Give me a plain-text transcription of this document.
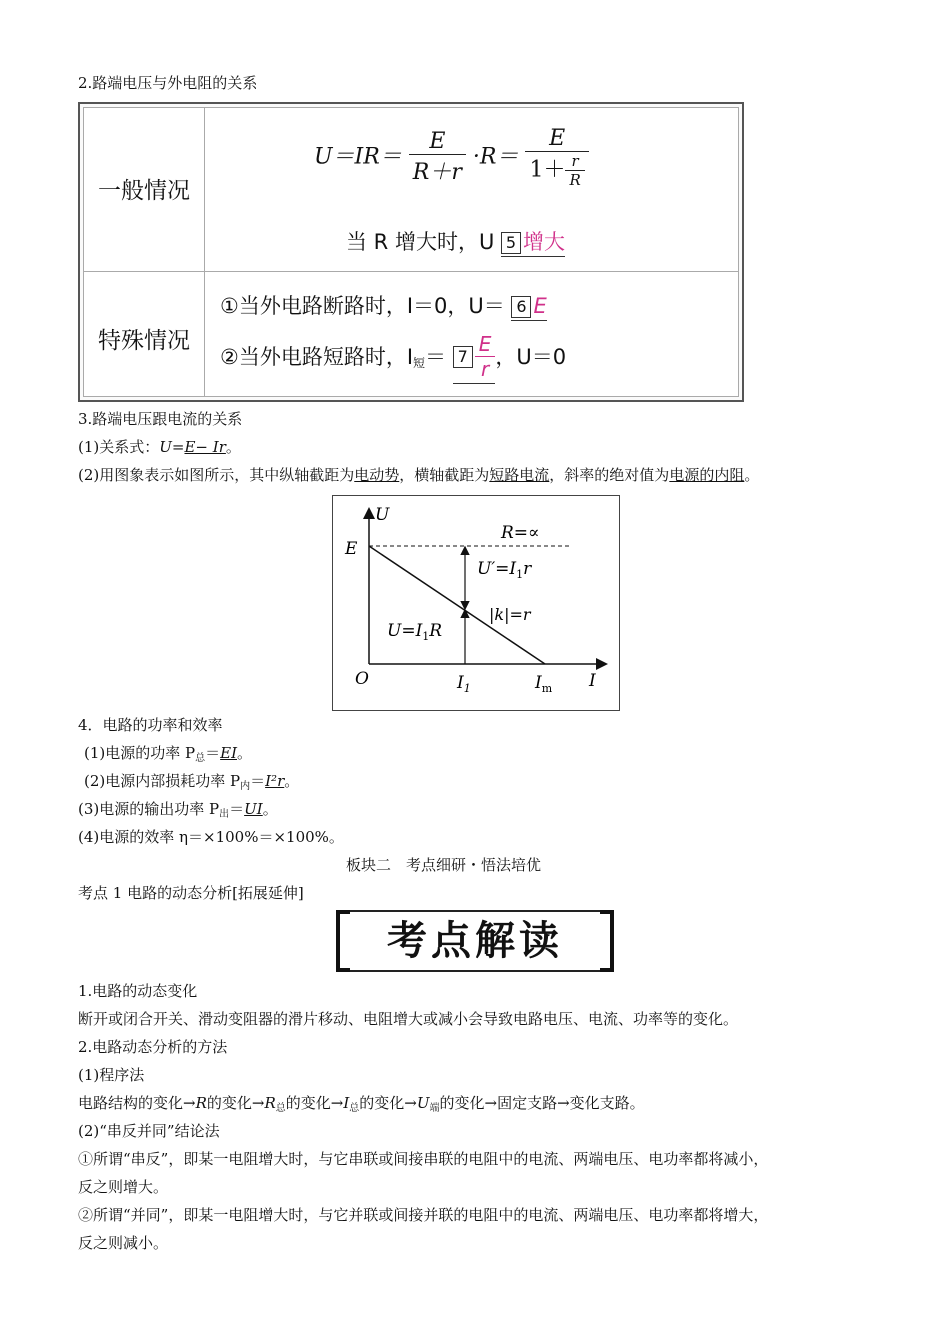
2.路端电压与外电阻的关系
一般情况
特殊情况
$U=IR= \frac{E}{R+r} \cdot R= \frac{E}{1+ \frac{r}{R}}$
当 R 增大时，U 5 增大
①当外电路断路时，I＝0，U＝ 6 E
②当外电路短路时，$I_短= 7 \frac{E}{r}$ ，U＝0
3.路端电压跟电流的关系
(1)关系式：U=E− Ir。
(2)用图象表示如图所示，其中纵轴截距为电动势，横轴截距为短路电流，斜率的绝对值为电源的内阻。
U
E
O	I
$I_1$	$I_m$
R=∝
$U'=I_1r$
|k|=r
$U=I_1R$
4．电路的功率和效率
(1)电源的功率 $P_总=EI$。
(2)电源内部损耗功率 $P_内=I^2r$。
(3)电源的输出功率 $P_出=UI$。
(4)电源的效率 η＝×100%＝×100%。
板块二　考点细研・悟法培优
考点 1 电路的动态分析[拓展延伸]
考点解读
1.电路的动态变化
断开或闭合开关、滑动变阻器的滑片移动、电阻增大或减小会导致电路电压、电流、功率等的变化。
2.电路动态分析的方法
(1)程序法
电路结构的变化→R的变化$\to R_总$的变化$\to I_总$的变化$\to U_端$的变化→固定支路→变化支路。
(2)“串反并同”结论法
①所谓“串反”，即某一电阻增大时，与它串联或间接串联的电阻中的电流、两端电压、电功率都将减小，
反之则增大。
②所谓“并同”，即某一电阻增大时，与它并联或间接并联的电阻中的电流、两端电压、电功率都将增大，
反之则减小。
